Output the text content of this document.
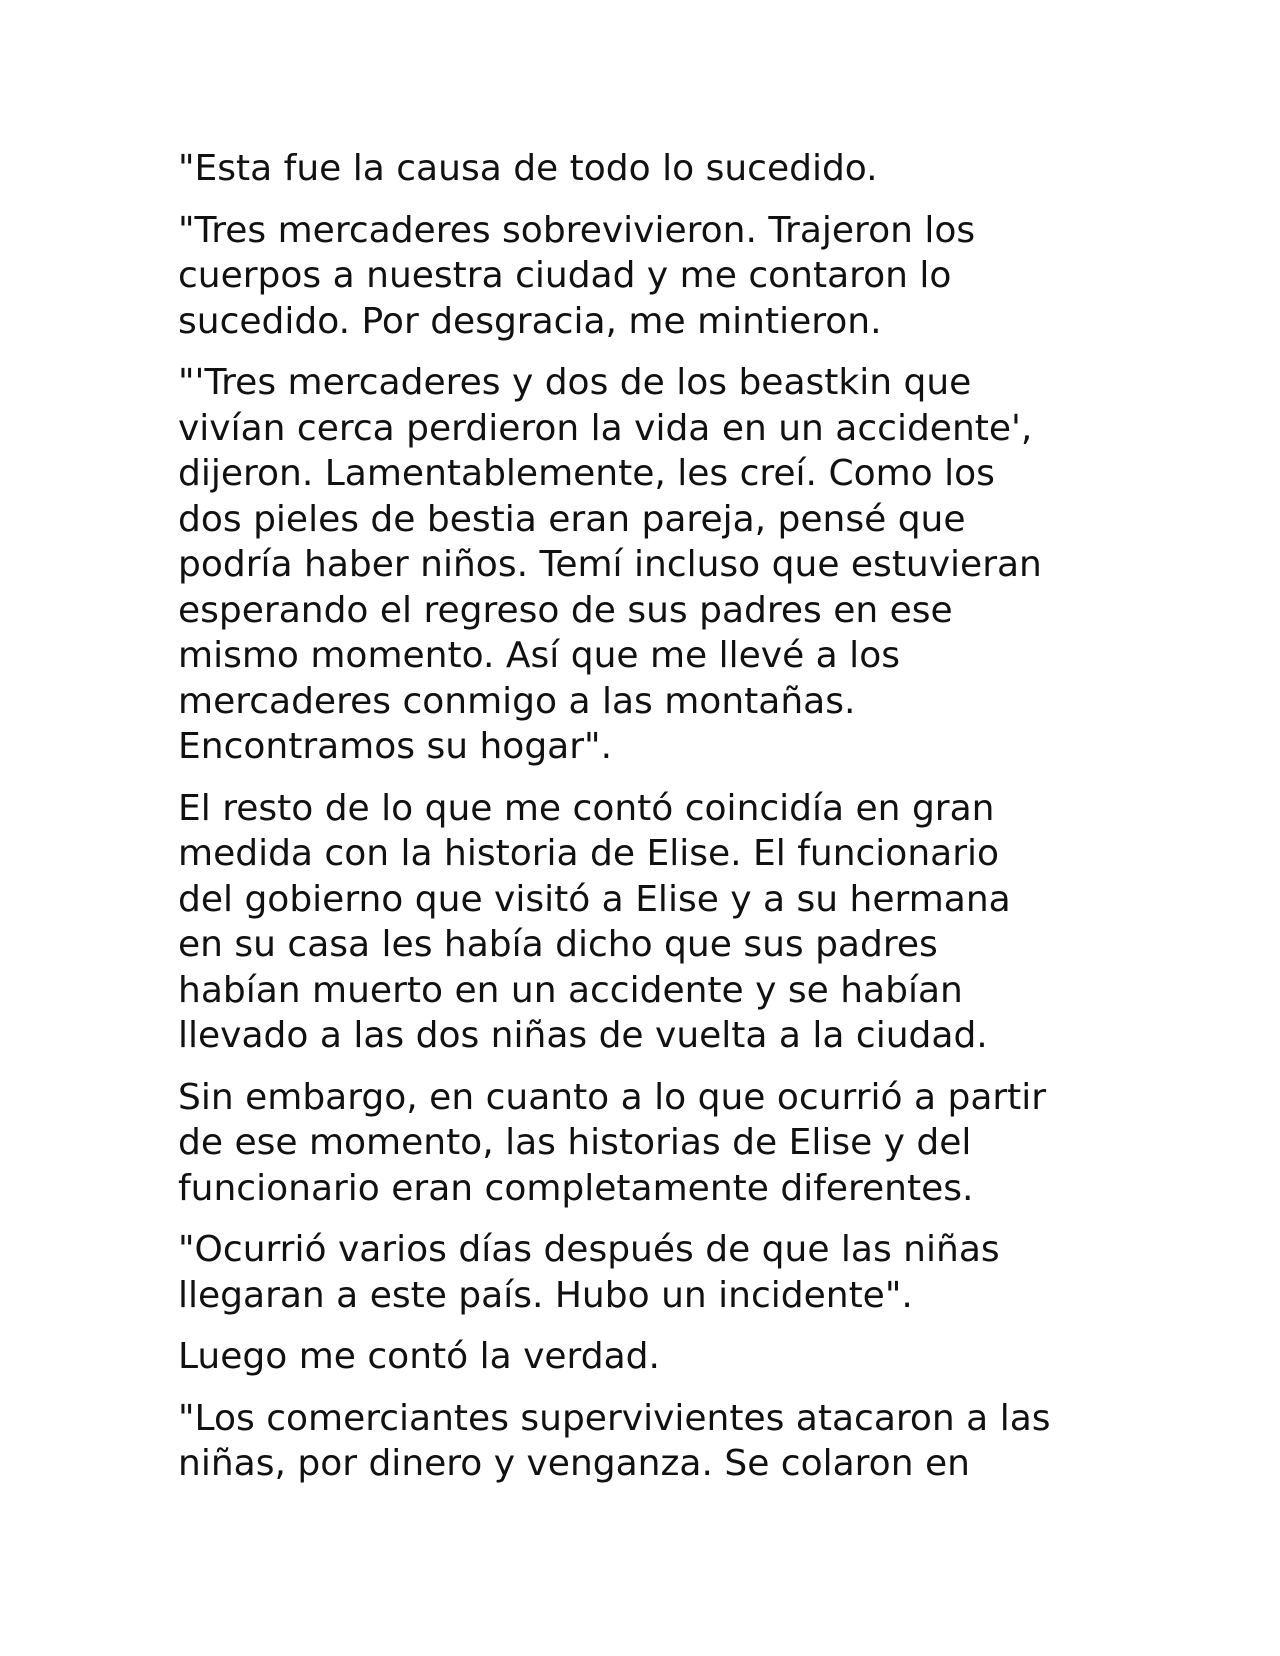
"Esta fue la causa de todo lo sucedido.

"Tres mercaderes sobrevivieron. Trajeron los
cuerpos a nuestra ciudad y me contaron lo
sucedido. Por desgracia, me mintieron.

"'Tres mercaderes y dos de los beastkin que
vivían cerca perdieron la vida en un accidente',
dijeron. Lamentablemente, les creí. Como los
dos pieles de bestia eran pareja, pensé que
podría haber niños. Temí incluso que estuvieran
esperando el regreso de sus padres en ese
mismo momento. Así que me llevé a los
mercaderes conmigo a las montañas.
Encontramos su hogar".

El resto de lo que me contó coincidía en gran
medida con la historia de Elise. El funcionario
del gobierno que visitó a Elise y a su hermana
en su casa les había dicho que sus padres
habían muerto en un accidente y se habían
llevado a las dos niñas de vuelta a la ciudad.

Sin embargo, en cuanto a lo que ocurrió a partir
de ese momento, las historias de Elise y del
funcionario eran completamente diferentes.

"Ocurrió varios días después de que las niñas
llegaran a este país. Hubo un incidente".

Luego me contó la verdad.

"Los comerciantes supervivientes atacaron a las
niñas, por dinero y venganza. Se colaron en
